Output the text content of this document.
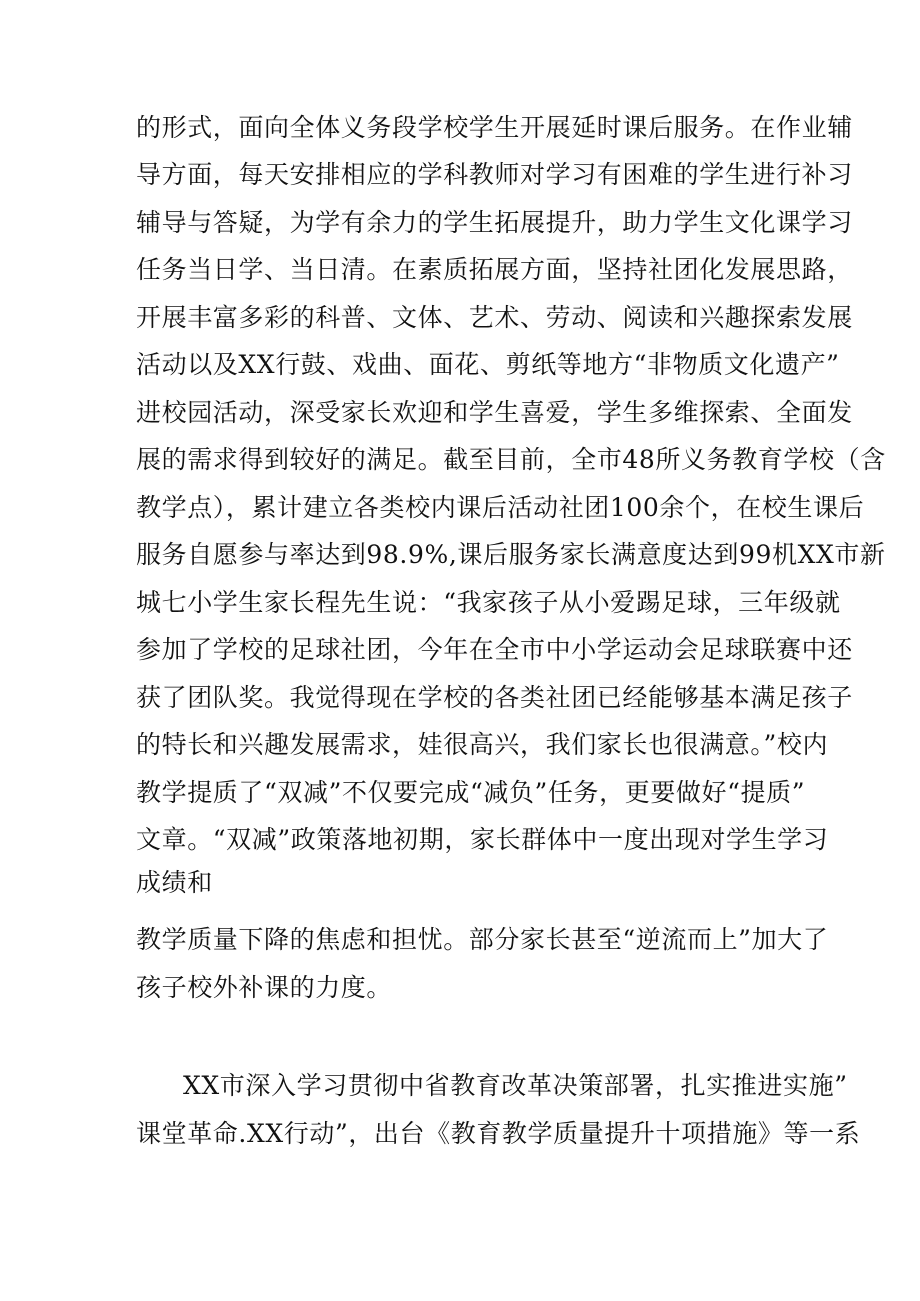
的形式，面向全体义务段学校学生开展延时课后服务。在作业辅
导方面，每天安排相应的学科教师对学习有困难的学生进行补习
辅导与答疑，为学有余力的学生拓展提升，助力学生文化课学习
任务当日学、当日清。在素质拓展方面，坚持社团化发展思路，
开展丰富多彩的科普、文体、艺术、劳动、阅读和兴趣探索发展
活动以及XX行鼓、戏曲、面花、剪纸等地方“非物质文化遗产”
进校园活动，深受家长欢迎和学生喜爱，学生多维探索、全面发
展的需求得到较好的满足。截至目前，全市48所义务教育学校（含
教学点），累计建立各类校内课后活动社团100余个，在校生课后
服务自愿参与率达到98.9%,课后服务家长满意度达到99机XX市新
城七小学生家长程先生说：“我家孩子从小爱踢足球，三年级就
参加了学校的足球社团，今年在全市中小学运动会足球联赛中还
获了团队奖。我觉得现在学校的各类社团已经能够基本满足孩子
的特长和兴趣发展需求，娃很高兴，我们家长也很满意。”校内
教学提质了“双减”不仅要完成“减负”任务，更要做好“提质”
文章。“双减”政策落地初期，家长群体中一度出现对学生学习
成绩和
教学质量下降的焦虑和担忧。部分家长甚至“逆流而上”加大了
孩子校外补课的力度。
XX市深入学习贯彻中省教育改革决策部署，扎实推进实施”
课堂革命.XX行动”，出台《教育教学质量提升十项措施》等一系
